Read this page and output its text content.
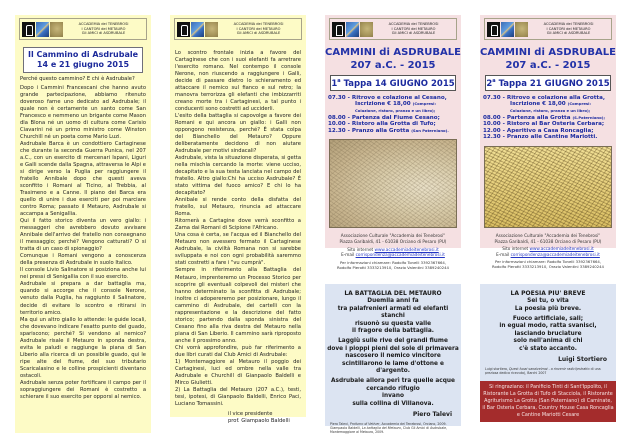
ACCADEMIA dei TENEBROSI
I CANTORI del METAURO
Gli AMICI di ASDRUBALE
Il Cammino di Asdrubale
14 e 21 giugno 2015

Perché questo cammino? E chi è Asdrubale?

Dopo i Cammini Francescani che hanno avuto grande partecipazione, abbiamo ritenuto doveroso farne uno dedicato ad Asdrubale; il quale non è certamente un santo come San Francesco e nemmeno un brigante come Mason dla Blona né un uomo di cultura come Carisio Ciavarini né un primo ministro come Winston Churchill né un poeta come Mario Luzi.

Asdrubale Barca è un condottiero Cartaginese che durante la seconda Guerra Punica, nel 207 a.C., con un esercito di mercenari Ispani, Liguri e Galli scende dalla Spagna, attraversa le Alpi e si dirige verso la Puglia per raggiungere il fratello Annibale dopo che questi aveva sconfitto i Romani al Ticino, al Trebbia, al Trasimeno e a Canne. Il piano dei Barca era quello di unire i due eserciti per poi marciare contro Roma; passato il Metauro, Asdrubale si accampa a Senigallia.

Qui il fatto storico diventa un vero giallo: i messaggeri che avrebbero dovuto avvisare Annibale dell'arrivo del fratello non consegnano il messaggio; perché? Vengono catturati? O si tratta di un caso di spionaggio?

Comunque i Romani vengono a conoscenza della presenza di Asdrubale in suolo Italico.

Il console Livio Salinatore si posiziona anche lui nei pressi di Senigallia con il suo esercito.

Asdrubale si prepara a dar battaglia ma, quando si accorge che il console Nerone, venuto dalla Puglia, ha raggiunto il Salinatore, decide di evitare lo scontro e ritirarsi in territorio amico.

Ma qui un altro giallo lo attende: le guide locali, che dovevano indicare l'esatto punto del guado, spariscono; perché? Si vendono al nemico? Asdrubale risale il Metauro in sponda destra, evita le paludi e raggiunge la piana di San Liberio alla ricerca di un possibile guado, qui le ripe alte del fiume, del suo tributario Scaricalasino e le colline prospicienti diventano ostacoli.

Asdrubale senza poter fortificare il campo per il sopraggiungere dei Romani è costretto a schierare il suo esercito per opporsi al nemico.

ACCADEMIA dei TENEBROSI
I CANTORI del METAURO
Gli AMICI di ASDRUBALE

Lo scontro frontale inizia a favore del Cartaginese che con i suoi elefanti fa arretrare l'esercito romano. Nel contempo il console Nerone, non riuscendo a raggiungere i Galli, decide di passare dietro lo schieramento ed attaccare il nemico sul fianco e sul retro; la manovra terrorizza gli elefanti che imbizzarriti creano morte tra i Cartaginesi, a tal punto i conducenti sono costretti ad ucciderli.

L'esito della battaglia si capovolge a favore dei Romani e qui ancora un giallo: i Galli non oppongono resistenza, perché? È stata colpa del Bianchello del Metauro? Oppure deliberatamente decidono di non aiutare Asdrubale per motivi sindacali?

Asdrubale, vista la situazione disperata, si getta nella mischia cercando la morte: viene ucciso, decapitato e la sua testa lanciata nel campo del fratello. Altro giallo:Chi ha ucciso Asdrubale? È stato vittima del fuoco amico? E chi lo ha decapitato?

Annibale si rende conto della disfatta del fratello, sul Metauro, rinuncia ad attaccare Roma.

Ritornerà a Cartagine dove verrà sconfitto a Zama dai Romani di Scipione l'Africano.

Una cosa è certa, se l'acqua ed il Bianchello del Metauro non avessero fermato il Cartaginese Asdrubale, la civiltà Romana non si sarebbe sviluppata e noi con ogni probabilità saremmo stati costretti a fare i "vu cumprà".

Sempre in riferimento alla Battaglia del Metauro, imprenteremo un Processo Storico per scoprire gli eventuali colpevoli dei misteri che hanno determinato la sconfitta di Asdrubale; inoltre ci adopereremo per posizionare, lungo il cammino di Asdrubale, dei cartelli con la rappresentazione e la descrizione del fatto storico; partendo dalla sponda sinistra del Cesano fino alla riva destra del Metauro nella piana di San Liberio. Il cammino sarà riproposto anche il prossimo anno.

Chi vorrà approfondire, può far riferimento a due libri curati dal Club Amici di Asdrubale:

1) Montemaggiore al Metauro il poggio dei Cartaginesi, luci ed ombre nella valle tra Asdrubale e Churchill di Gianpaolo Baldelli e Mirco Giulietti.

2) La Battaglia del Metauro (207 a.C.), testi, tesi, ipotesi, di Gianpaolo Baldelli, Enrico Paci, Luciano Tomassini.

il vice presidente
prof. Giampaolo Baldelli
ACCADEMIA dei TENEBROSI
I CANTORI del METAURO
Gli AMICI di ASDRUBALE
CAMMINI di ASDRUBALE
207 a.C. - 2015
1$^a$ Tappa 14 GIUGNO 2015
07.30 - Ritrovo e colazione al Cesano,
Iscrizione € 18,00 (Compresi:
Colazione, ristoro, pranzo e un libro);
08.00 - Partenza dal Fiume Cesano;
10.00 - Ristoro alla Grotta di Tufo;
12.30 - Pranzo alla Grotta (San Paterniano).
Associazione Culturale "Accademia dei Tenebrosi"
Piazza Garibaldi, 41 - 61038 Orciano di Pesaro (PU)
Sito internet www.accademiadeitenebrosi.it
E-mail corrispondenza@accademiadeitenebrosi.it
Per informazioni chiamare: Rodolfo Tonelli 3392367664,
Rodolfo Pierotti 3333213910, Orazio Valentini 3389240244
ACCADEMIA dei TENEBROSI
I CANTORI del METAURO
Gli AMICI di ASDRUBALE
CAMMINI di ASDRUBALE
207 a.C. - 2015
2$^a$ Tappa 21 GIUGNO 2015
07.30 - Ritrovo e colazione alla Grotta,
Iscrizione € 18,00 (Compresi:
Colazione, ristoro, pranzo e un libro);
08.00 - Partenza alla Grotta (S.Paterniano);
10.00 - Ristoro al Bar Osteria Cerbara;
12.00 - Aperitivo a Casa Roncaglia;
12.30 - Pranzo alle Cantine Mariotti.
Associazione Culturale "Accademia dei Tenebrosi"
Piazza Garibaldi, 41 - 61038 Orciano di Pesaro (PU)
Sito internet www.accademiadeitenebrosi.it
E-mail corrispondenza@accademiadeitenebrosi.it
Per informazioni chiamare: Rodolfo Tonelli 3392367664,
Rodolfo Pierotti 3333213910, Orazio Valentini 3389240244
LA BATTAGLIA DEL METAURO
Duemila anni fa
tra palafrenieri armati ed elefanti stanchi
risuonò su questa valle
il fragore della battaglia.
Laggiù sulle rive del grandi fiume
dove i pioppi pieni del sole di primavera
nascosero il nemico vincitore
scintillarono le lame d'ottone e d'argento.
Asdrubale allora perì tra quelle acque
cercando rifugio
invano
sulla collina di Villanova.
Piero Talevi
Piero Talevi, Profumo di Vetiver, Accademia dei Tenebrosi, Orciano, 2009. Giampaolo Baldelli, La battaglia del Metauro, Club Gli Amici di Asdrubale, Montemaggiore al Metauro, 2009.
LA POESIA PIU' BREVE
Sei tu, o vita
La poesia più breve.
Fuoco artificiale, sali;
in egual modo, ratta svanisci,
lasciando bruciature
solo nell'anima di chi
c'è stato accanto.
Luigi Stortiero
Luigi stortiero, Quest fuoai sanalvelmai - a rinvenir radici(estratto di una preziosa dedica ricevuta), Barchi 2007
Si ringraziano: il Panificio Tinti di Sant'Ippolito, il Ristorante La Grotta di Tufo di Stacciola, il Ristorante Agriturismo La Grotta (San Paterniano) di Caminate, il Bar Osteria Cerbara, Country House Casa Roncaglia e Cantine Mariotti Cesare
